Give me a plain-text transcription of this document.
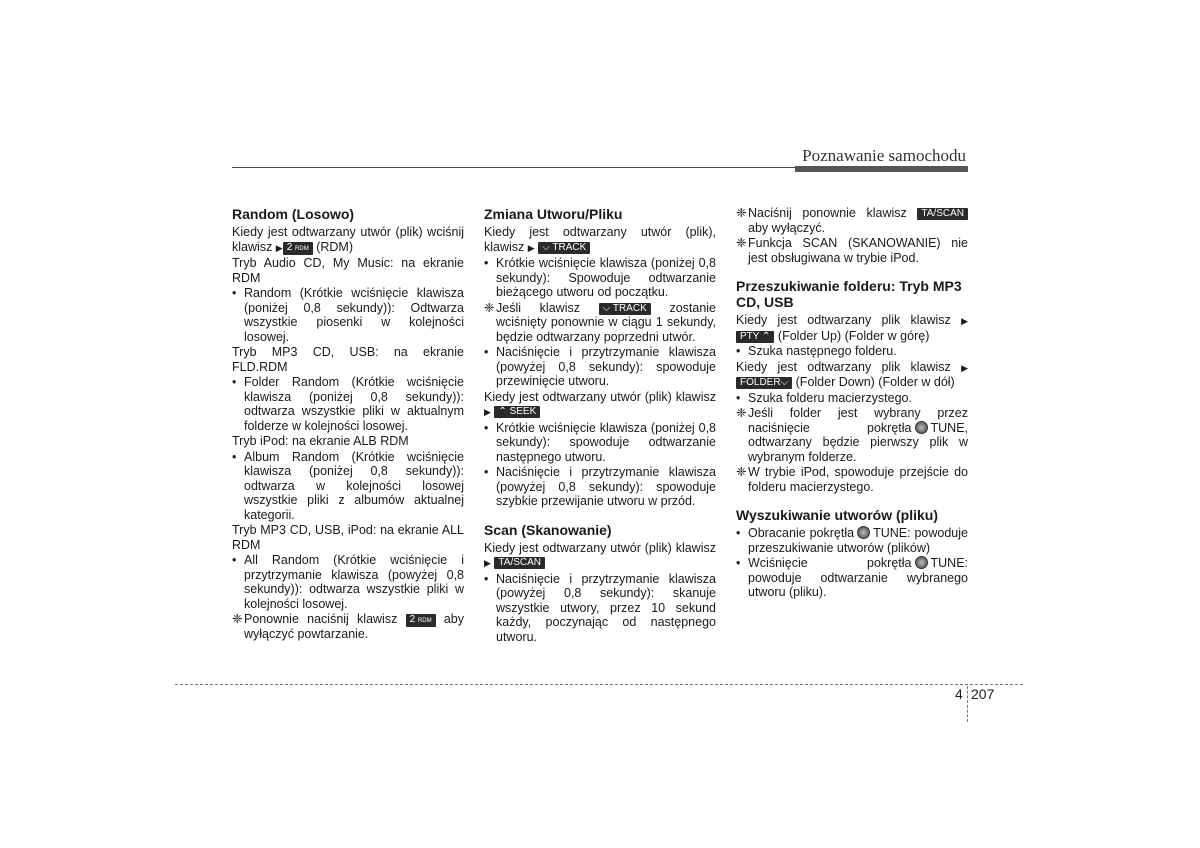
Poznawanie samochodu
Random (Losowo)
Kiedy jest odtwarzany utwór (plik) wciśnij klawisz ▶ 2 RDM (RDM)
Tryb Audio CD, My Music: na ekranie RDM
• Random (Krótkie wciśnięcie klawisza (poniżej 0,8 sekundy)): Odtwarza wszystkie piosenki w kolejności losowej.
Tryb MP3 CD, USB: na ekranie FLD.RDM
• Folder Random (Krótkie wciśnięcie klawisza (poniżej 0,8 sekundy)): odtwarza wszystkie pliki w aktualnym folderze w kolejności losowej.
Tryb iPod: na ekranie ALB RDM
• Album Random (Krótkie wciśnięcie klawisza (poniżej 0,8 sekundy)): odtwarza w kolejności losowej wszystkie pliki z albumów aktualnej kategorii.
Tryb MP3 CD, USB, iPod: na ekranie ALL RDM
• All Random (Krótkie wciśnięcie i przytrzymanie klawisza (powyżej 0,8 sekundy)): odtwarza wszystkie pliki w kolejności losowej.
❈ Ponownie naciśnij klawisz 2 RDM aby wyłączyć powtarzanie.
Zmiana Utworu/Pliku
Kiedy jest odtwarzany utwór (plik), klawisz ▶ ⌵ TRACK
• Krótkie wciśnięcie klawisza (poniżej 0,8 sekundy): Spowoduje odtwarzanie bieżącego utworu od początku.
❈ Jeśli klawisz ⌵ TRACK zostanie wciśnięty ponownie w ciągu 1 sekundy, będzie odtwarzany poprzedni utwór.
• Naciśnięcie i przytrzymanie klawisza (powyżej 0,8 sekundy): spowoduje przewinięcie utworu.
Kiedy jest odtwarzany utwór (plik) klawisz ▶ ⌃ SEEK
• Krótkie wciśnięcie klawisza (poniżej 0,8 sekundy): spowoduje odtwarzanie następnego utworu.
• Naciśnięcie i przytrzymanie klawisza (powyżej 0,8 sekundy): spowoduje szybkie przewijanie utworu w przód.
Scan (Skanowanie)
Kiedy jest odtwarzany utwór (plik) klawisz ▶ TA/SCAN
• Naciśnięcie i przytrzymanie klawisza (powyżej 0,8 sekundy): skanuje wszystkie utwory, przez 10 sekund każdy, poczynając od następnego utworu.
❈ Naciśnij ponownie klawisz TA/SCAN aby wyłączyć.
❈ Funkcja SCAN (SKANOWANIE) nie jest obsługiwana w trybie iPod.
Przeszukiwanie folderu: Tryb MP3 CD, USB
Kiedy jest odtwarzany plik klawisz ▶ PTY ⌃ (Folder Up) (Folder w górę)
• Szuka następnego folderu.
Kiedy jest odtwarzany plik klawisz ▶ FOLDER⌵ (Folder Down) (Folder w dół)
• Szuka folderu macierzystego.
❈ Jeśli folder jest wybrany przez naciśnięcie pokrętła TUNE, odtwarzany będzie pierwszy plik w wybranym folderze.
❈ W trybie iPod, spowoduje przejście do folderu macierzystego.
Wyszukiwanie utworów (pliku)
• Obracanie pokrętła TUNE: powoduje przeszukiwanie utworów (plików)
• Wciśnięcie pokrętła TUNE: powoduje odtwarzanie wybranego utworu (pliku).
4 207
